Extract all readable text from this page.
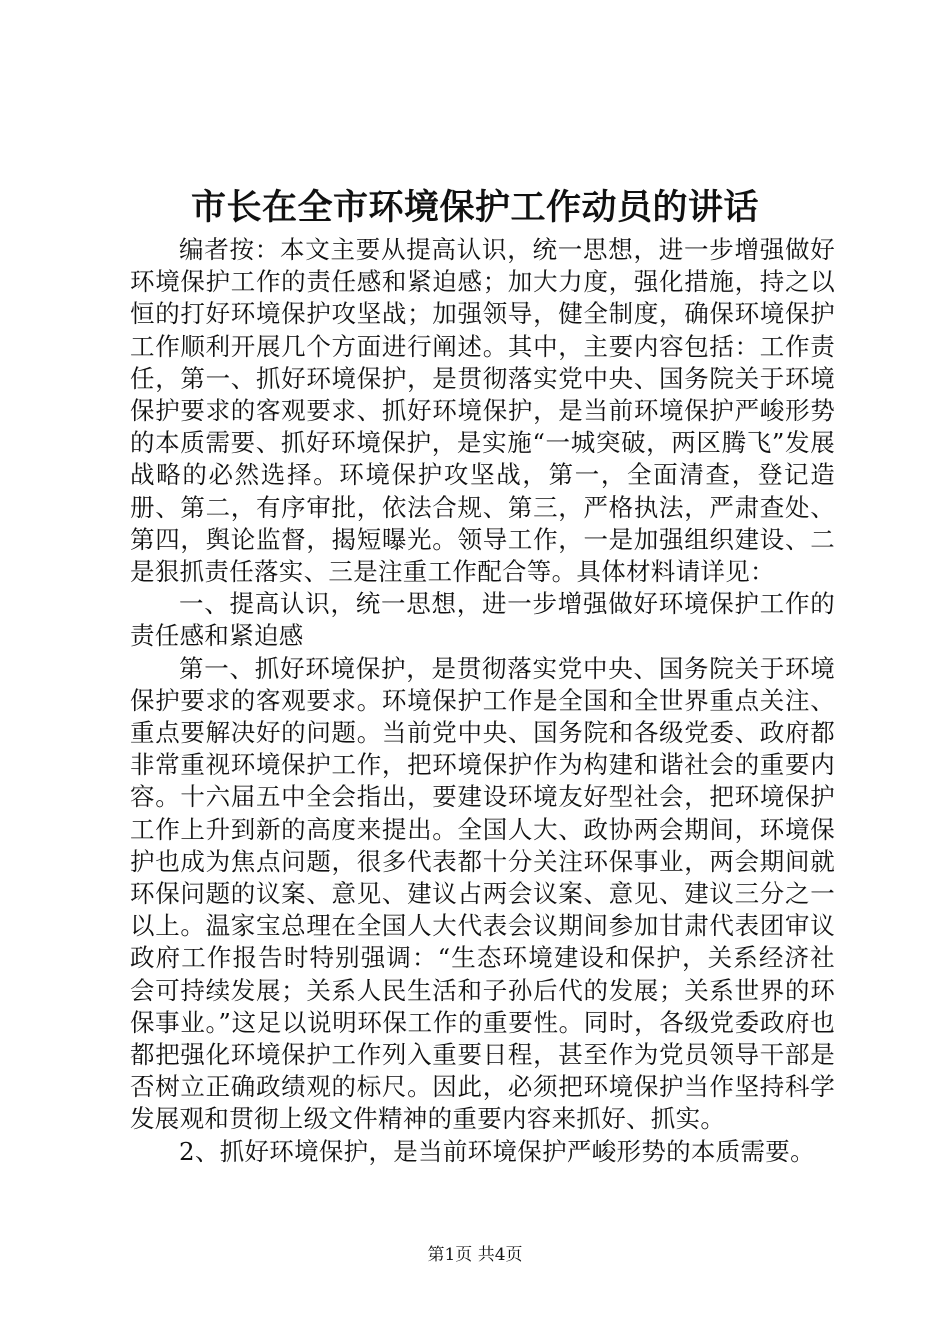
市长在全市环境保护工作动员的讲话

编者按：本文主要从提高认识，统一思想，进一步增强做好环境保护工作的责任感和紧迫感；加大力度，强化措施，持之以恒的打好环境保护攻坚战；加强领导，健全制度，确保环境保护工作顺利开展几个方面进行阐述。其中，主要内容包括：工作责任，第一、抓好环境保护，是贯彻落实党中央、国务院关于环境保护要求的客观要求、抓好环境保护，是当前环境保护严峻形势的本质需要、抓好环境保护，是实施“一城突破，两区腾飞”发展战略的必然选择。环境保护攻坚战，第一，全面清查，登记造册、第二，有序审批，依法合规、第三，严格执法，严肃查处、第四，舆论监督，揭短曝光。领导工作，一是加强组织建设、二是狠抓责任落实、三是注重工作配合等。具体材料请详见：

一、提高认识，统一思想，进一步增强做好环境保护工作的责任感和紧迫感

第一、抓好环境保护，是贯彻落实党中央、国务院关于环境保护要求的客观要求。环境保护工作是全国和全世界重点关注、重点要解决好的问题。当前党中央、国务院和各级党委、政府都非常重视环境保护工作，把环境保护作为构建和谐社会的重要内容。十六届五中全会指出，要建设环境友好型社会，把环境保护工作上升到新的高度来提出。全国人大、政协两会期间，环境保护也成为焦点问题，很多代表都十分关注环保事业，两会期间就环保问题的议案、意见、建议占两会议案、意见、建议三分之一以上。温家宝总理在全国人大代表会议期间参加甘肃代表团审议政府工作报告时特别强调：“生态环境建设和保护，关系经济社会可持续发展；关系人民生活和子孙后代的发展；关系世界的环保事业。”这足以说明环保工作的重要性。同时，各级党委政府也都把强化环境保护工作列入重要日程，甚至作为党员领导干部是否树立正确政绩观的标尺。因此，必须把环境保护当作坚持科学发展观和贯彻上级文件精神的重要内容来抓好、抓实。

2、抓好环境保护，是当前环境保护严峻形势的本质需要。

第1页 共4页
